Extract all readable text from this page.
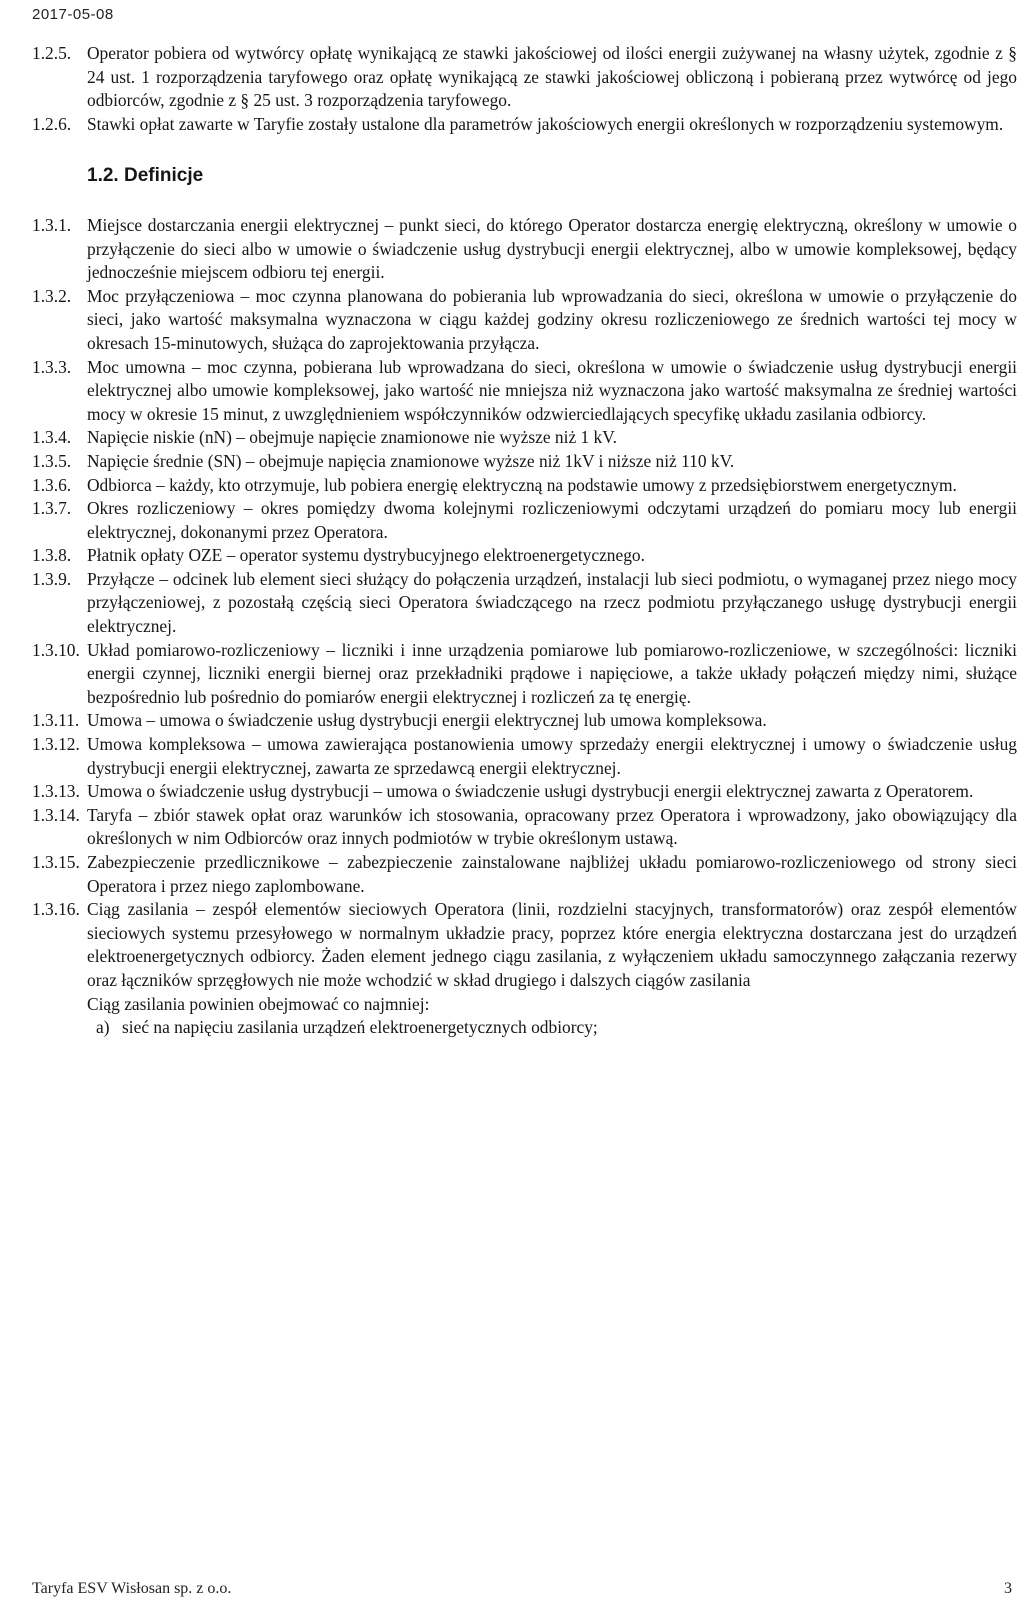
2017-05-08
1.2.5. Operator pobiera od wytwórcy opłatę wynikającą ze stawki jakościowej od ilości energii zużywanej na własny użytek, zgodnie z § 24 ust. 1 rozporządzenia taryfowego oraz opłatę wynikającą ze stawki jakościowej obliczoną i pobieraną przez wytwórcę od jego odbiorców, zgodnie z § 25 ust. 3 rozporządzenia taryfowego.
1.2.6. Stawki opłat zawarte w Taryfie zostały ustalone dla parametrów jakościowych energii określonych w rozporządzeniu systemowym.
1.2. Definicje
1.3.1. Miejsce dostarczania energii elektrycznej – punkt sieci, do którego Operator dostarcza energię elektryczną, określony w umowie o przyłączenie do sieci albo w umowie o świadczenie usług dystrybucji energii elektrycznej, albo w umowie kompleksowej, będący jednocześnie miejscem odbioru tej energii.
1.3.2. Moc przyłączeniowa – moc czynna planowana do pobierania lub wprowadzania do sieci, określona w umowie o przyłączenie do sieci, jako wartość maksymalna wyznaczona w ciągu każdej godziny okresu rozliczeniowego ze średnich wartości tej mocy w okresach 15-minutowych, służąca do zaprojektowania przyłącza.
1.3.3. Moc umowna – moc czynna, pobierana lub wprowadzana do sieci, określona w umowie o świadczenie usług dystrybucji energii elektrycznej albo umowie kompleksowej, jako wartość nie mniejsza niż wyznaczona jako wartość maksymalna ze średniej wartości mocy w okresie 15 minut, z uwzględnieniem współczynników odzwierciedlających specyfikę układu zasilania odbiorcy.
1.3.4. Napięcie niskie (nN) – obejmuje napięcie znamionowe nie wyższe niż 1 kV.
1.3.5. Napięcie średnie (SN) – obejmuje napięcia znamionowe wyższe niż 1kV i niższe niż 110 kV.
1.3.6. Odbiorca – każdy, kto otrzymuje, lub pobiera energię elektryczną na podstawie umowy z przedsiębiorstwem energetycznym.
1.3.7. Okres rozliczeniowy – okres pomiędzy dwoma kolejnymi rozliczeniowymi odczytami urządzeń do pomiaru mocy lub energii elektrycznej, dokonanymi przez Operatora.
1.3.8. Płatnik opłaty OZE – operator systemu dystrybucyjnego elektroenergetycznego.
1.3.9. Przyłącze – odcinek lub element sieci służący do połączenia urządzeń, instalacji lub sieci podmiotu, o wymaganej przez niego mocy przyłączeniowej, z pozostałą częścią sieci Operatora świadczącego na rzecz podmiotu przyłączanego usługę dystrybucji energii elektrycznej.
1.3.10. Układ pomiarowo-rozliczeniowy – liczniki i inne urządzenia pomiarowe lub pomiarowo-rozliczeniowe, w szczególności: liczniki energii czynnej, liczniki energii biernej oraz przekładniki prądowe i napięciowe, a także układy połączeń między nimi, służące bezpośrednio lub pośrednio do pomiarów energii elektrycznej i rozliczeń za tę energię.
1.3.11. Umowa – umowa o świadczenie usług dystrybucji energii elektrycznej lub umowa kompleksowa.
1.3.12. Umowa kompleksowa – umowa zawierająca postanowienia umowy sprzedaży energii elektrycznej i umowy o świadczenie usług dystrybucji energii elektrycznej, zawarta ze sprzedawcą energii elektrycznej.
1.3.13. Umowa o świadczenie usług dystrybucji – umowa o świadczenie usługi dystrybucji energii elektrycznej zawarta z Operatorem.
1.3.14. Taryfa – zbiór stawek opłat oraz warunków ich stosowania, opracowany przez Operatora i wprowadzony, jako obowiązujący dla określonych w nim Odbiorców oraz innych podmiotów w trybie określonym ustawą.
1.3.15. Zabezpieczenie przedlicznikowe – zabezpieczenie zainstalowane najbliżej układu pomiarowo-rozliczeniowego od strony sieci Operatora i przez niego zaplombowane.
1.3.16. Ciąg zasilania – zespół elementów sieciowych Operatora (linii, rozdzielni stacyjnych, transformatorów) oraz zespół elementów sieciowych systemu przesyłowego w normalnym układzie pracy, poprzez które energia elektryczna dostarczana jest do urządzeń elektroenergetycznych odbiorcy. Żaden element jednego ciągu zasilania, z wyłączeniem układu samoczynnego załączania rezerwy oraz łączników sprzęgłowych nie może wchodzić w skład drugiego i dalszych ciągów zasilania
Ciąg zasilania powinien obejmować co najmniej:
a) sieć na napięciu zasilania urządzeń elektroenergetycznych odbiorcy;
Taryfa ESV Wisłosan sp. z o.o.	3
